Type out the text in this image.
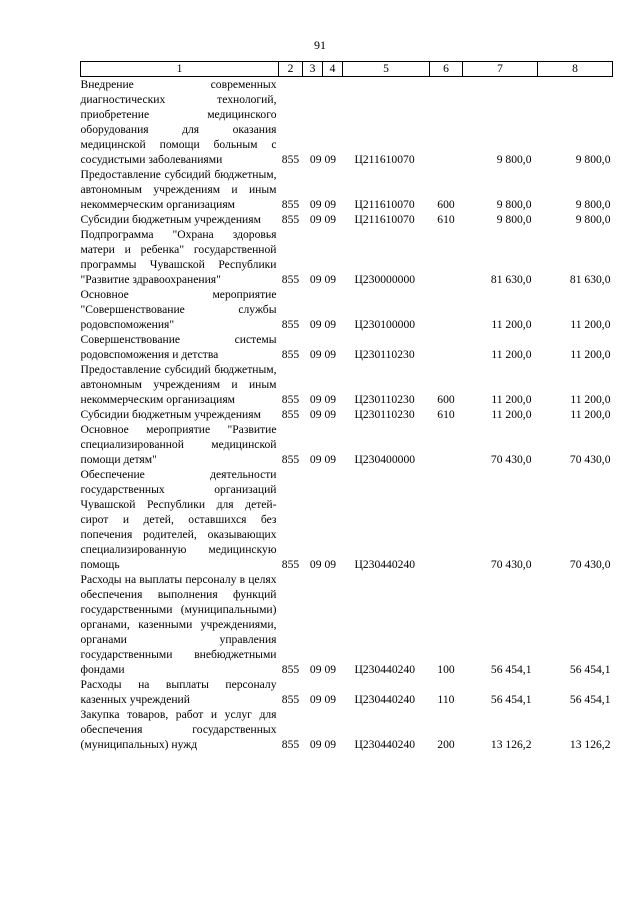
91
1	2	3	4	5	6	7	8
Внедрение современных диагностических технологий, приобретение медицинского оборудования для оказания медицинской помощи больным с сосудистыми заболеваниями	855	09	09	Ц211610070		9 800,0	9 800,0
Предоставление субсидий бюджетным, автономным учреждениям и иным некоммерческим организациям	855	09	09	Ц211610070	600	9 800,0	9 800,0
Субсидии бюджетным учреждениям	855	09	09	Ц211610070	610	9 800,0	9 800,0
Подпрограмма "Охрана здоровья матери и ребенка" государственной программы Чувашской Республики "Развитие здравоохранения"	855	09	09	Ц230000000		81 630,0	81 630,0
Основное мероприятие "Совершенствование службы родовспоможения"	855	09	09	Ц230100000		11 200,0	11 200,0
Совершенствование системы родовспоможения и детства	855	09	09	Ц230110230		11 200,0	11 200,0
Предоставление субсидий бюджетным, автономным учреждениям и иным некоммерческим организациям	855	09	09	Ц230110230	600	11 200,0	11 200,0
Субсидии бюджетным учреждениям	855	09	09	Ц230110230	610	11 200,0	11 200,0
Основное мероприятие "Развитие специализированной медицинской помощи детям"	855	09	09	Ц230400000		70 430,0	70 430,0
Обеспечение деятельности государственных организаций Чувашской Республики для детей-сирот и детей, оставшихся без попечения родителей, оказывающих специализированную медицинскую помощь	855	09	09	Ц230440240		70 430,0	70 430,0
Расходы на выплаты персоналу в целях обеспечения выполнения функций государственными (муниципальными) органами, казенными учреждениями, органами управления государственными внебюджетными фондами	855	09	09	Ц230440240	100	56 454,1	56 454,1
Расходы на выплаты персоналу казенных учреждений	855	09	09	Ц230440240	110	56 454,1	56 454,1
Закупка товаров, работ и услуг для обеспечения государственных (муниципальных) нужд	855	09	09	Ц230440240	200	13 126,2	13 126,2
